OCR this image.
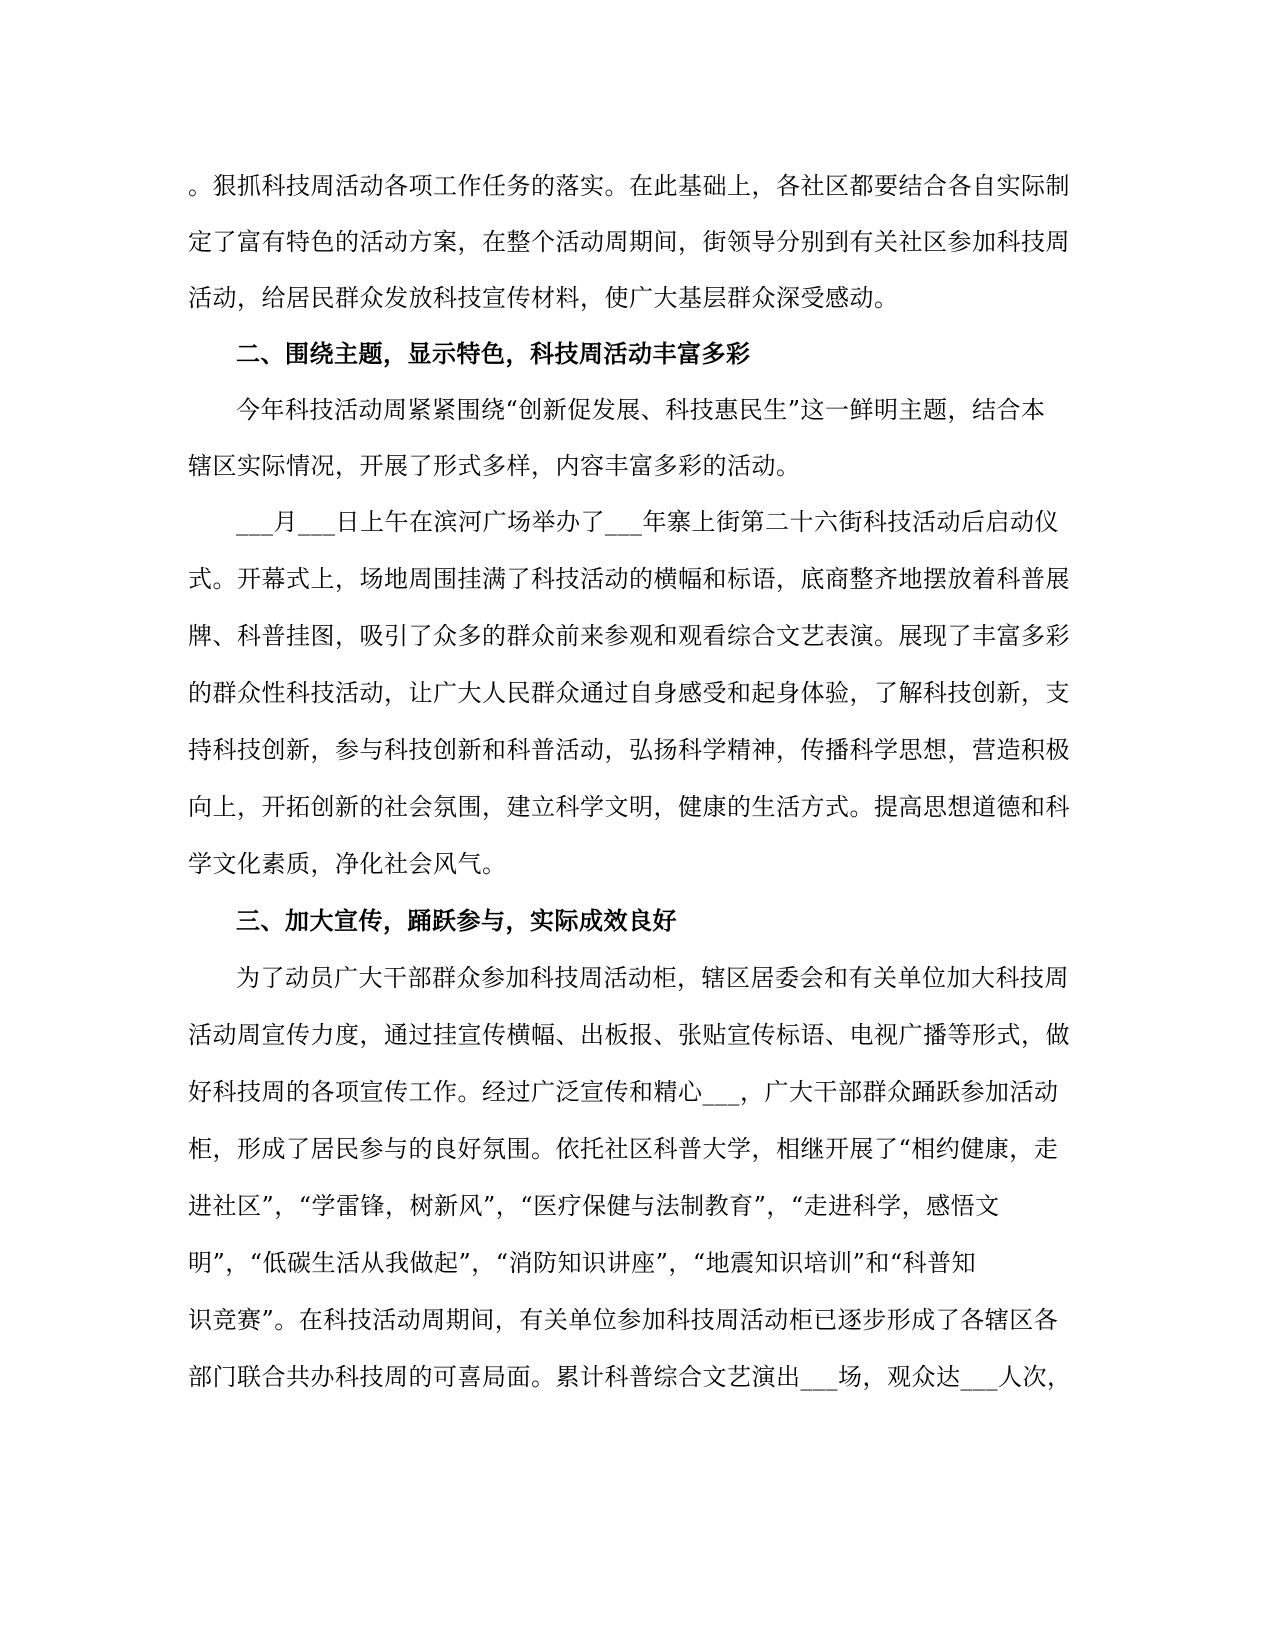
。狠抓科技周活动各项工作任务的落实。在此基础上，各社区都要结合各自实际制
定了富有特色的活动方案，在整个活动周期间，街领导分别到有关社区参加科技周
活动，给居民群众发放科技宣传材料，使广大基层群众深受感动。
二、围绕主题，显示特色，科技周活动丰富多彩
今年科技活动周紧紧围绕“创新促发展、科技惠民生”这一鲜明主题，结合本
辖区实际情况，开展了形式多样，内容丰富多彩的活动。
___月___日上午在滨河广场举办了___年寨上街第二十六街科技活动后启动仪
式。开幕式上，场地周围挂满了科技活动的横幅和标语，底商整齐地摆放着科普展
牌、科普挂图，吸引了众多的群众前来参观和观看综合文艺表演。展现了丰富多彩
的群众性科技活动，让广大人民群众通过自身感受和起身体验，了解科技创新，支
持科技创新，参与科技创新和科普活动，弘扬科学精神，传播科学思想，营造积极
向上，开拓创新的社会氛围，建立科学文明，健康的生活方式。提高思想道德和科
学文化素质，净化社会风气。
三、加大宣传，踊跃参与，实际成效良好
为了动员广大干部群众参加科技周活动柜，辖区居委会和有关单位加大科技周
活动周宣传力度，通过挂宣传横幅、出板报、张贴宣传标语、电视广播等形式，做
好科技周的各项宣传工作。经过广泛宣传和精心___，广大干部群众踊跃参加活动
柜，形成了居民参与的良好氛围。依托社区科普大学，相继开展了“相约健康，走
进社区”，“学雷锋，树新风”，“医疗保健与法制教育”，“走进科学，感悟文
明”，“低碳生活从我做起”，“消防知识讲座”，“地震知识培训”和“科普知
识竞赛”。在科技活动周期间，有关单位参加科技周活动柜已逐步形成了各辖区各
部门联合共办科技周的可喜局面。累计科普综合文艺演出___场，观众达___人次，
